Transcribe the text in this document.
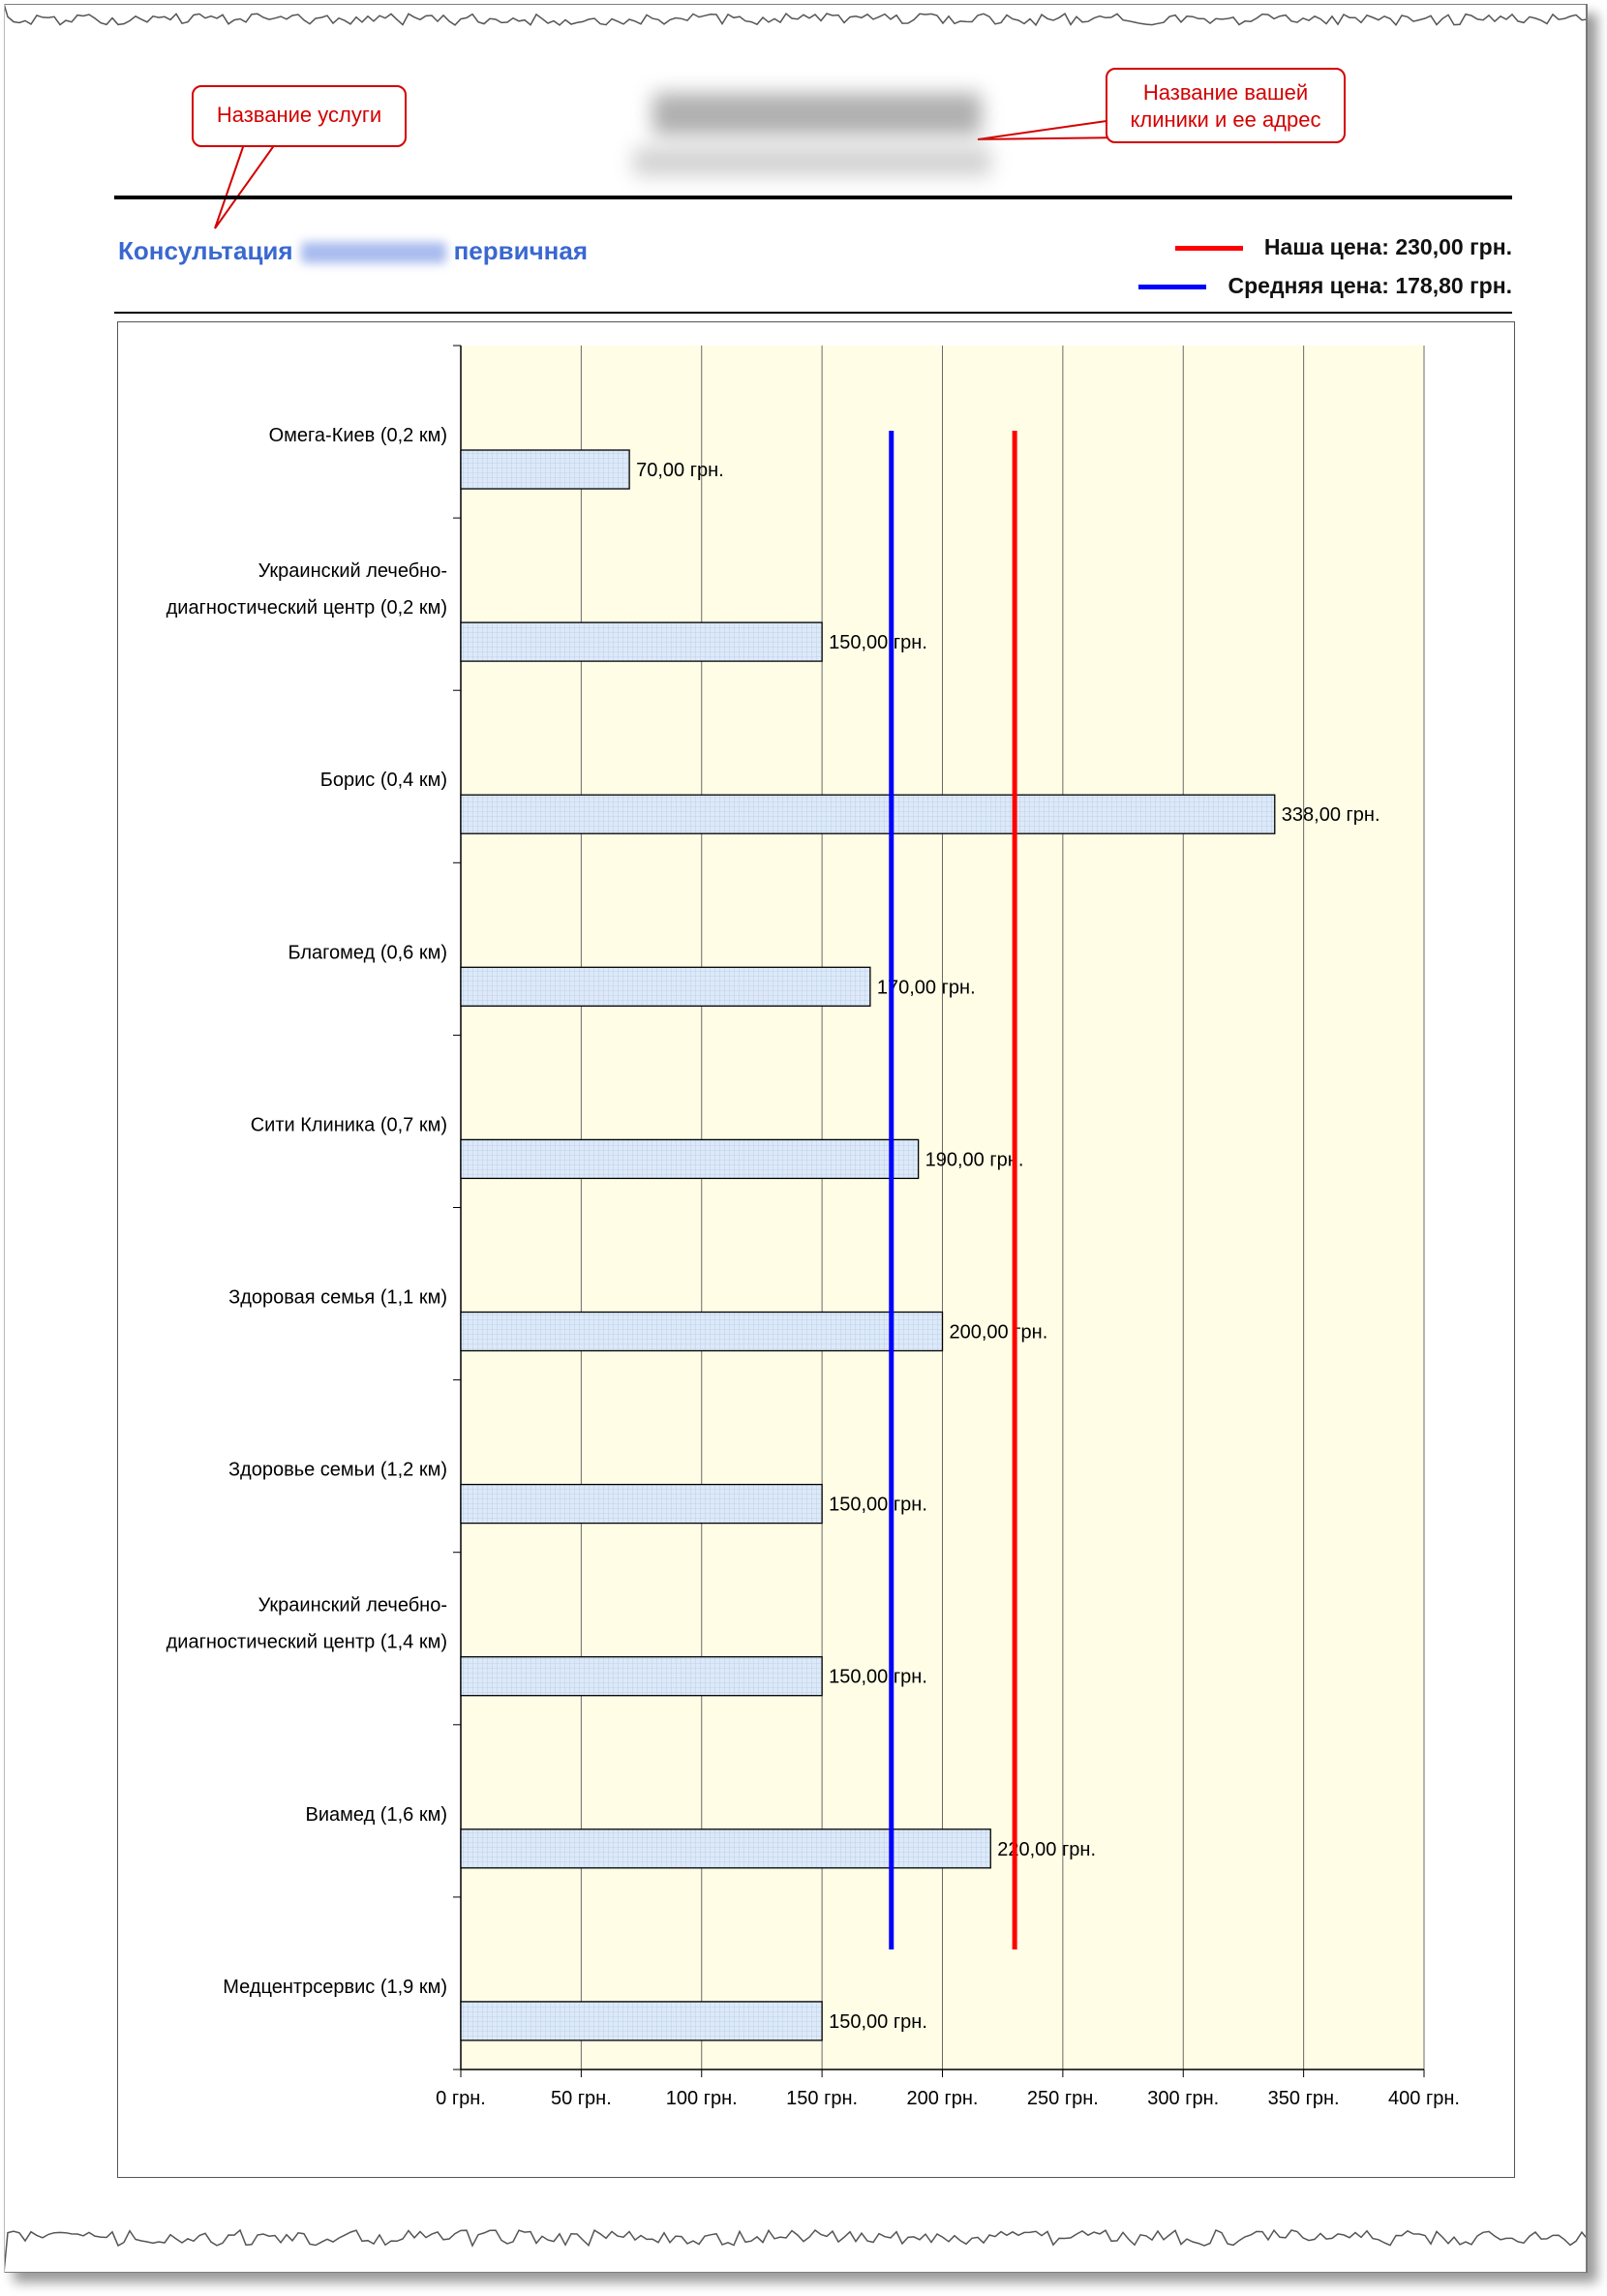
Название услуги
Название вашей
клиники и ее адрес
Консультация	первичная	Наша цена: 230,00 грн.
Средняя цена: 178,80 грн.
70,00 грн.
150,00 грн.
338,00 грн.
170,00 грн.
190,00 грн.
200,00 грн.
150,00 грн.
150,00 грн.
220,00 грн.
150,00 грн.
Омега-Киев (0,2 км)
Украинский лечебно-диагностический центр (0,2 км)
Борис (0,4 км)
Благомед (0,6 км)
Сити Клиника (0,7 км)
Здоровая семья (1,1 км)
Здоровье семьи (1,2 км)
Украинский лечебно-диагностический центр (1,4 км)
Виамед (1,6 км)
Медцентрсервис (1,9 км)
0 грн.	50 грн.	100 грн.	150 грн.	200 грн.	250 грн.	300 грн.	350 грн.	400 грн.
